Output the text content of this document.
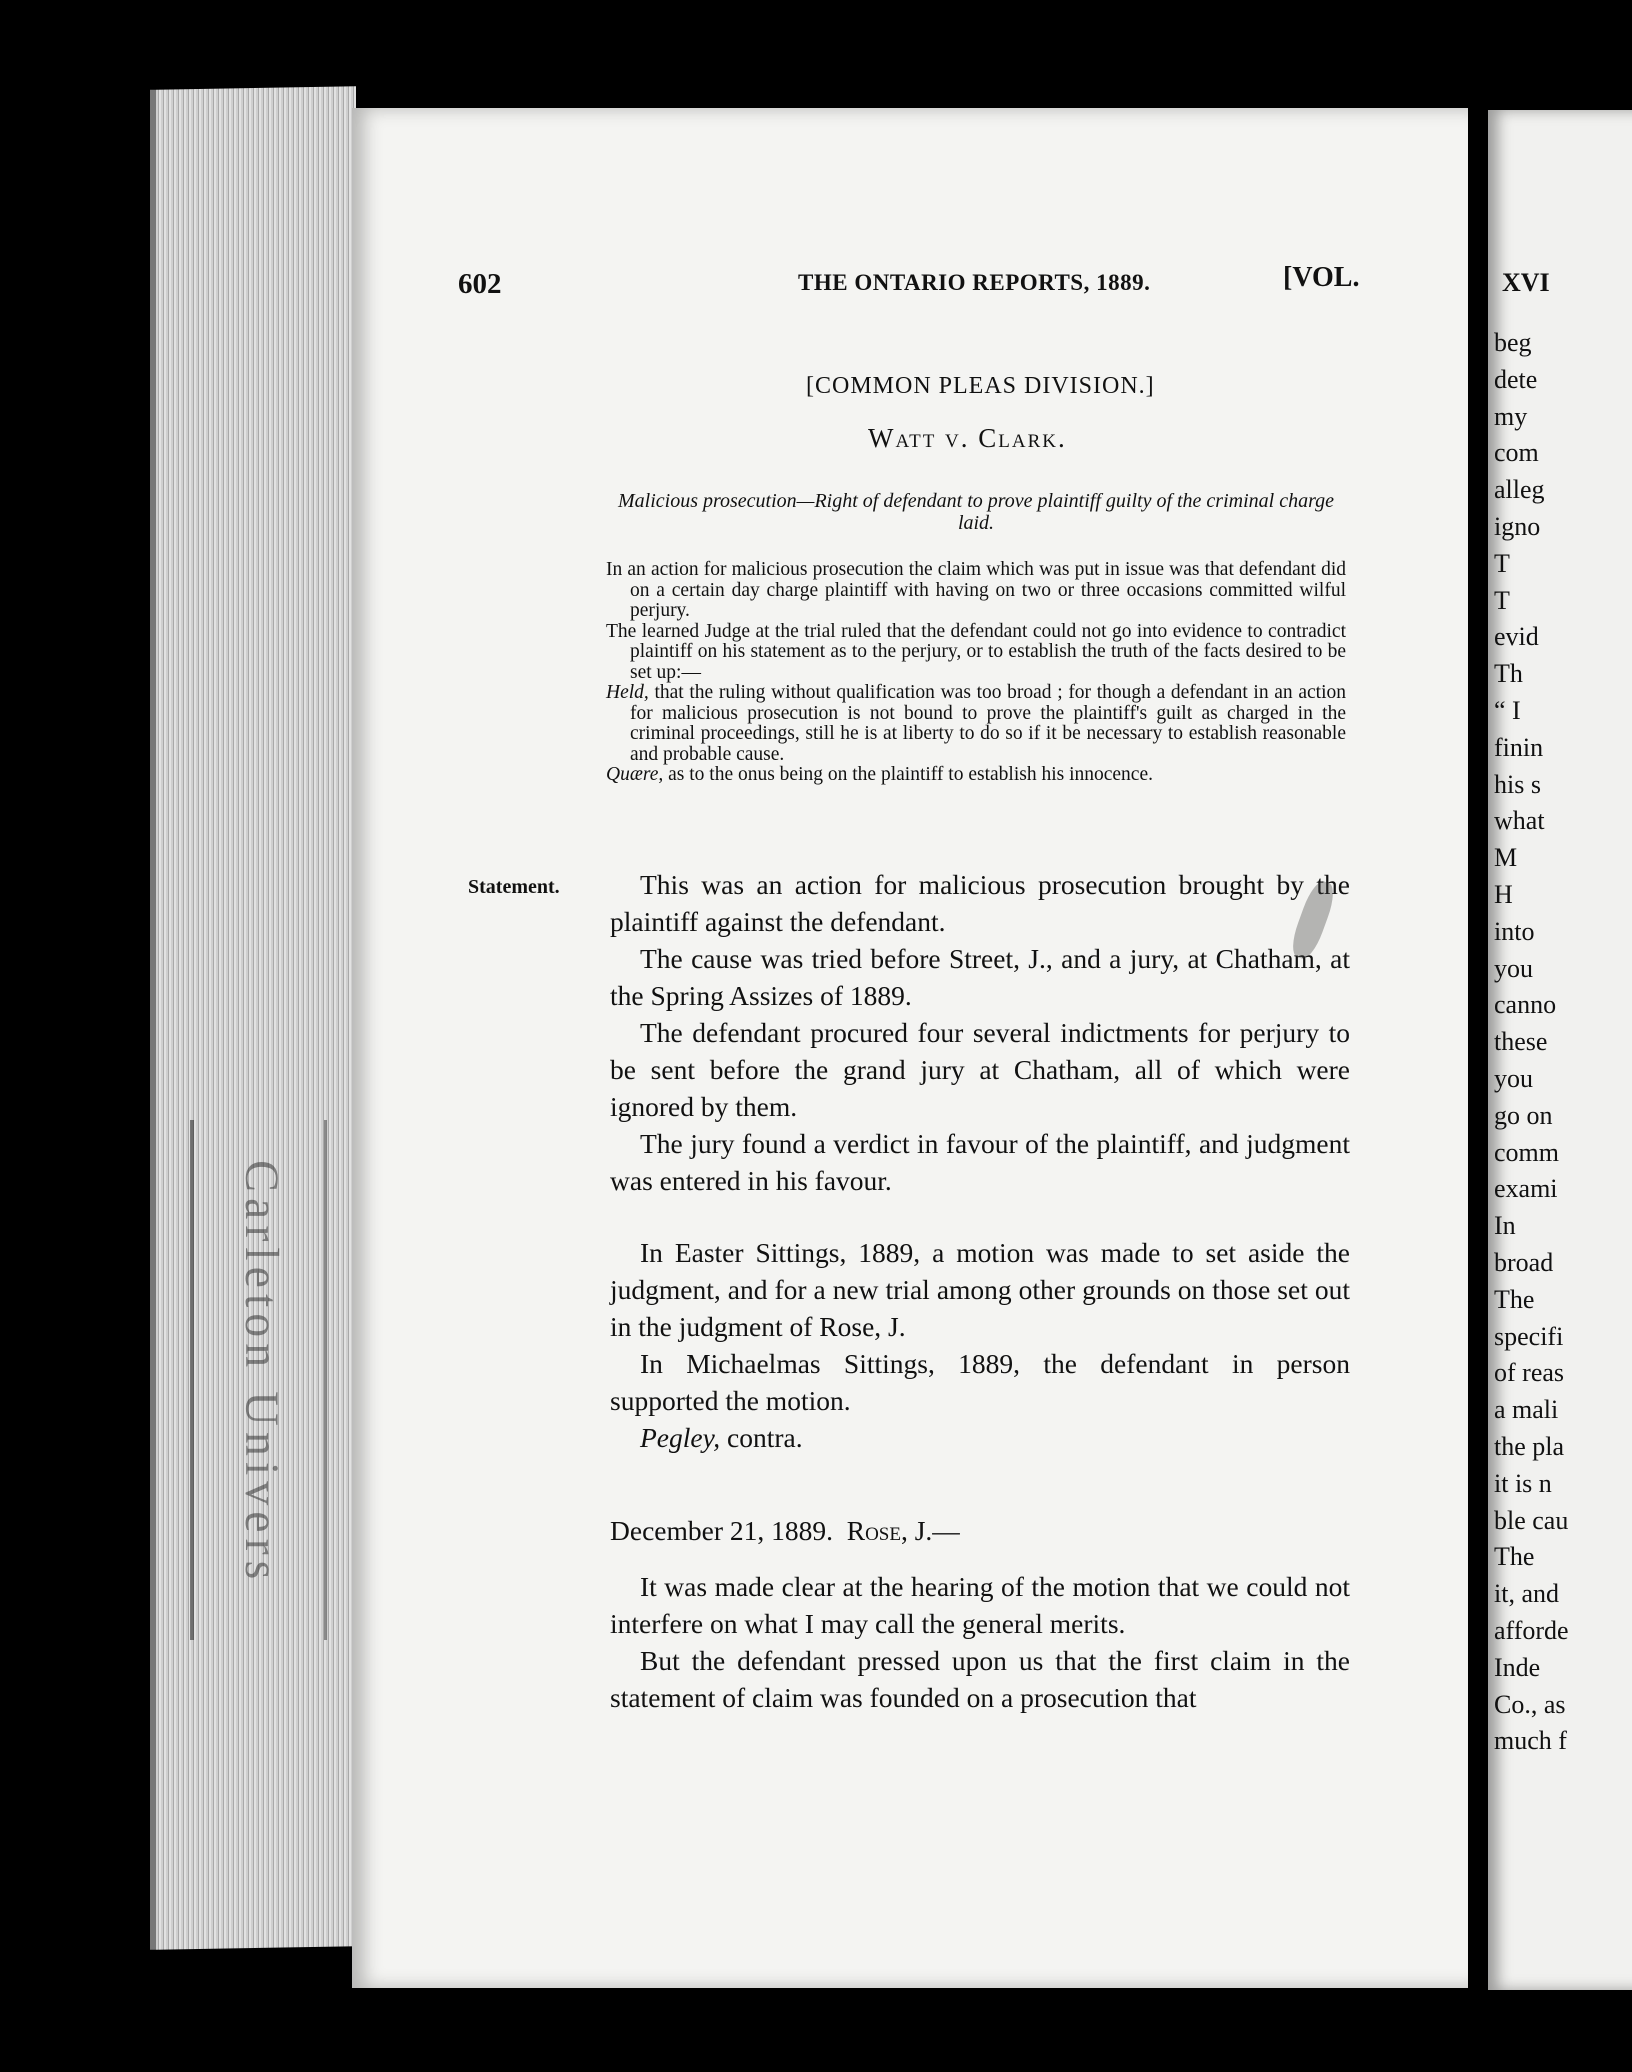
Carleton Univers
XVI
beg
dete
my
com
alleg
igno
T
T
evid
Th
“ I
finin
his s
what
M
H
into
you
canno
these
you
go on
comm
exami
In
broad
The
specifi
of reas
a mali
the pla
it is n
ble cau
The
it, and
afforde
Inde
Co., as
much f
602	THE ONTARIO REPORTS, 1889.	[VOL.
[COMMON PLEAS DIVISION.]
Watt v. Clark.
Malicious prosecution—Right of defendant to prove plaintiff guilty of the criminal charge laid.

In an action for malicious prosecution the claim which was put in issue was that defendant did on a certain day charge plaintiff with having on two or three occasions committed wilful perjury.

The learned Judge at the trial ruled that the defendant could not go into evidence to contradict plaintiff on his statement as to the perjury, or to establish the truth of the facts desired to be set up:—

Held, that the ruling without qualification was too broad ; for though a defendant in an action for malicious prosecution is not bound to prove the plaintiff's guilt as charged in the criminal proceedings, still he is at liberty to do so if it be necessary to establish reasonable and probable cause.

Quære, as to the onus being on the plaintiff to establish his innocence.

Statement.	This was an action for malicious prosecution brought by the plaintiff against the defendant.

The cause was tried before Street, J., and a jury, at Chatham, at the Spring Assizes of 1889.

The defendant procured four several indictments for perjury to be sent before the grand jury at Chatham, all of which were ignored by them.

The jury found a verdict in favour of the plaintiff, and judgment was entered in his favour.

In Easter Sittings, 1889, a motion was made to set aside the judgment, and for a new trial among other grounds on those set out in the judgment of Rose, J.

In Michaelmas Sittings, 1889, the defendant in person supported the motion.

Pegley, contra.

December 21, 1889. Rose, J.—

It was made clear at the hearing of the motion that we could not interfere on what I may call the general merits.

But the defendant pressed upon us that the first claim in the statement of claim was founded on a prosecution that
